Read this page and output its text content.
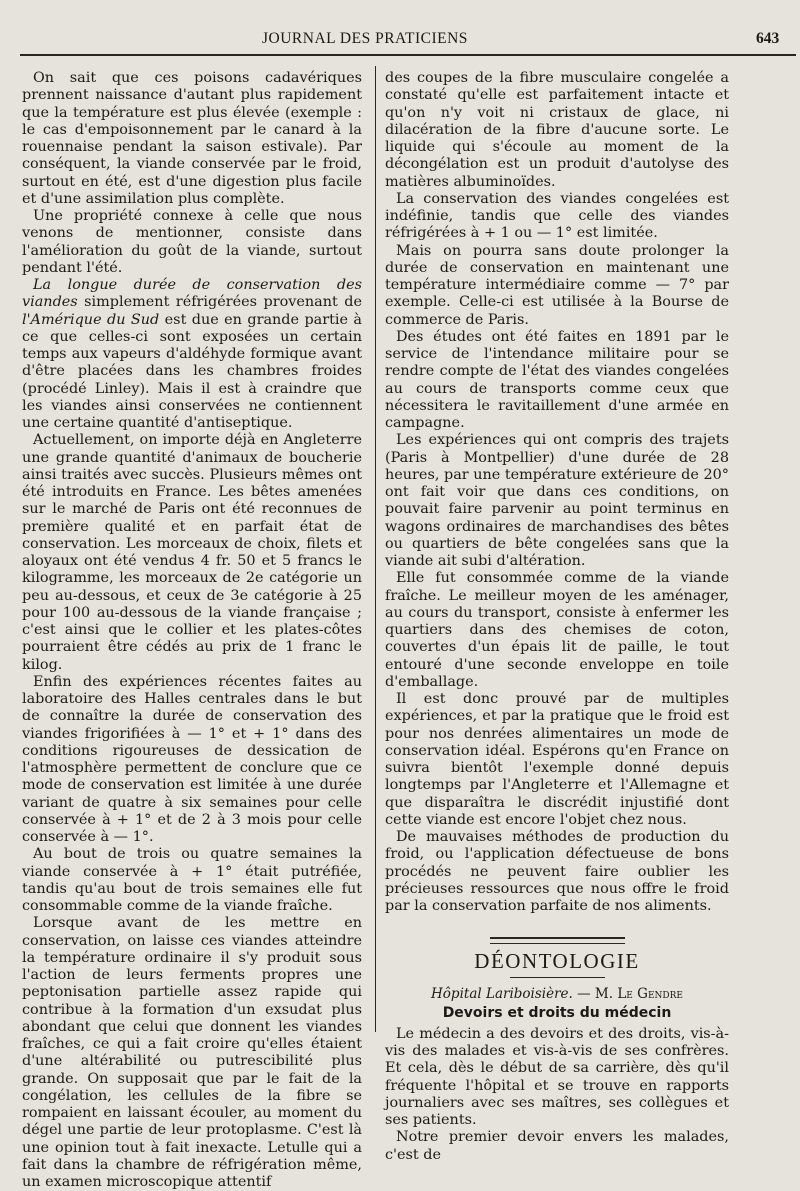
JOURNAL DES PRATICIENS	643

On sait que ces poisons cadavériques prennent naissance d'autant plus rapidement que la température est plus élevée (exemple : le cas d'empoisonnement par le canard à la rouennaise pendant la saison estivale). Par conséquent, la viande conservée par le froid, surtout en été, est d'une digestion plus facile et d'une assimilation plus complète.

Une propriété connexe à celle que nous venons de mentionner, consiste dans l'amélioration du goût de la viande, surtout pendant l'été.

La longue durée de conservation des viandes simplement réfrigérées provenant de l'Amérique du Sud est due en grande partie à ce que celles-ci sont exposées un certain temps aux vapeurs d'aldéhyde formique avant d'être placées dans les chambres froides (procédé Linley). Mais il est à craindre que les viandes ainsi conservées ne contiennent une certaine quantité d'antiseptique.

Actuellement, on importe déjà en Angleterre une grande quantité d'animaux de boucherie ainsi traités avec succès. Plusieurs mêmes ont été introduits en France. Les bêtes amenées sur le marché de Paris ont été reconnues de première qualité et en parfait état de conservation. Les morceaux de choix, filets et aloyaux ont été vendus 4 fr. 50 et 5 francs le kilogramme, les morceaux de 2e catégorie un peu au-dessous, et ceux de 3e catégorie à 25 pour 100 au-dessous de la viande française ; c'est ainsi que le collier et les plates-côtes pourraient être cédés au prix de 1 franc le kilog.

Enfin des expériences récentes faites au laboratoire des Halles centrales dans le but de connaître la durée de conservation des viandes frigorifiées à — 1° et + 1° dans des conditions rigoureuses de dessication de l'atmosphère permettent de conclure que ce mode de conservation est limitée à une durée variant de quatre à six semaines pour celle conservée à + 1° et de 2 à 3 mois pour celle conservée à — 1°.

Au bout de trois ou quatre semaines la viande conservée à + 1° était putréfiée, tandis qu'au bout de trois semaines elle fut consommable comme de la viande fraîche.

Lorsque avant de les mettre en conservation, on laisse ces viandes atteindre la température ordinaire il s'y produit sous l'action de leurs ferments propres une peptonisation partielle assez rapide qui contribue à la formation d'un exsudat plus abondant que celui que donnent les viandes fraîches, ce qui a fait croire qu'elles étaient d'une altérabilité ou putrescibilité plus grande. On supposait que par le fait de la congélation, les cellules de la fibre se rompaient en laissant écouler, au moment du dégel une partie de leur protoplasme. C'est là une opinion tout à fait inexacte. Letulle qui a fait dans la chambre de réfrigération même, un examen microscopique attentif

des coupes de la fibre musculaire congelée a constaté qu'elle est parfaitement intacte et qu'on n'y voit ni cristaux de glace, ni dilacération de la fibre d'aucune sorte. Le liquide qui s'écoule au moment de la décongélation est un produit d'autolyse des matières albuminoïdes.

La conservation des viandes congelées est indéfinie, tandis que celle des viandes réfrigérées à + 1 ou — 1° est limitée.

Mais on pourra sans doute prolonger la durée de conservation en maintenant une température intermédiaire comme — 7° par exemple. Celle-ci est utilisée à la Bourse de commerce de Paris.

Des études ont été faites en 1891 par le service de l'intendance militaire pour se rendre compte de l'état des viandes congelées au cours de transports comme ceux que nécessitera le ravitaillement d'une armée en campagne.

Les expériences qui ont compris des trajets (Paris à Montpellier) d'une durée de 28 heures, par une température extérieure de 20° ont fait voir que dans ces conditions, on pouvait faire parvenir au point terminus en wagons ordinaires de marchandises des bêtes ou quartiers de bête congelées sans que la viande ait subi d'altération.

Elle fut consommée comme de la viande fraîche. Le meilleur moyen de les aménager, au cours du transport, consiste à enfermer les quartiers dans des chemises de coton, couvertes d'un épais lit de paille, le tout entouré d'une seconde enveloppe en toile d'emballage.

Il est donc prouvé par de multiples expériences, et par la pratique que le froid est pour nos denrées alimentaires un mode de conservation idéal. Espérons qu'en France on suivra bientôt l'exemple donné depuis longtemps par l'Angleterre et l'Allemagne et que disparaîtra le discrédit injustifié dont cette viande est encore l'objet chez nous.

De mauvaises méthodes de production du froid, ou l'application défectueuse de bons procédés ne peuvent faire oublier les précieuses ressources que nous offre le froid par la conservation parfaite de nos aliments.

DÉONTOLOGIE
Hôpital Lariboisière. — M. Le Gendre
Devoirs et droits du médecin

Le médecin a des devoirs et des droits, vis-à-vis des malades et vis-à-vis de ses confrères. Et cela, dès le début de sa carrière, dès qu'il fréquente l'hôpital et se trouve en rapports journaliers avec ses maîtres, ses collègues et ses patients.

Notre premier devoir envers les malades, c'est de
